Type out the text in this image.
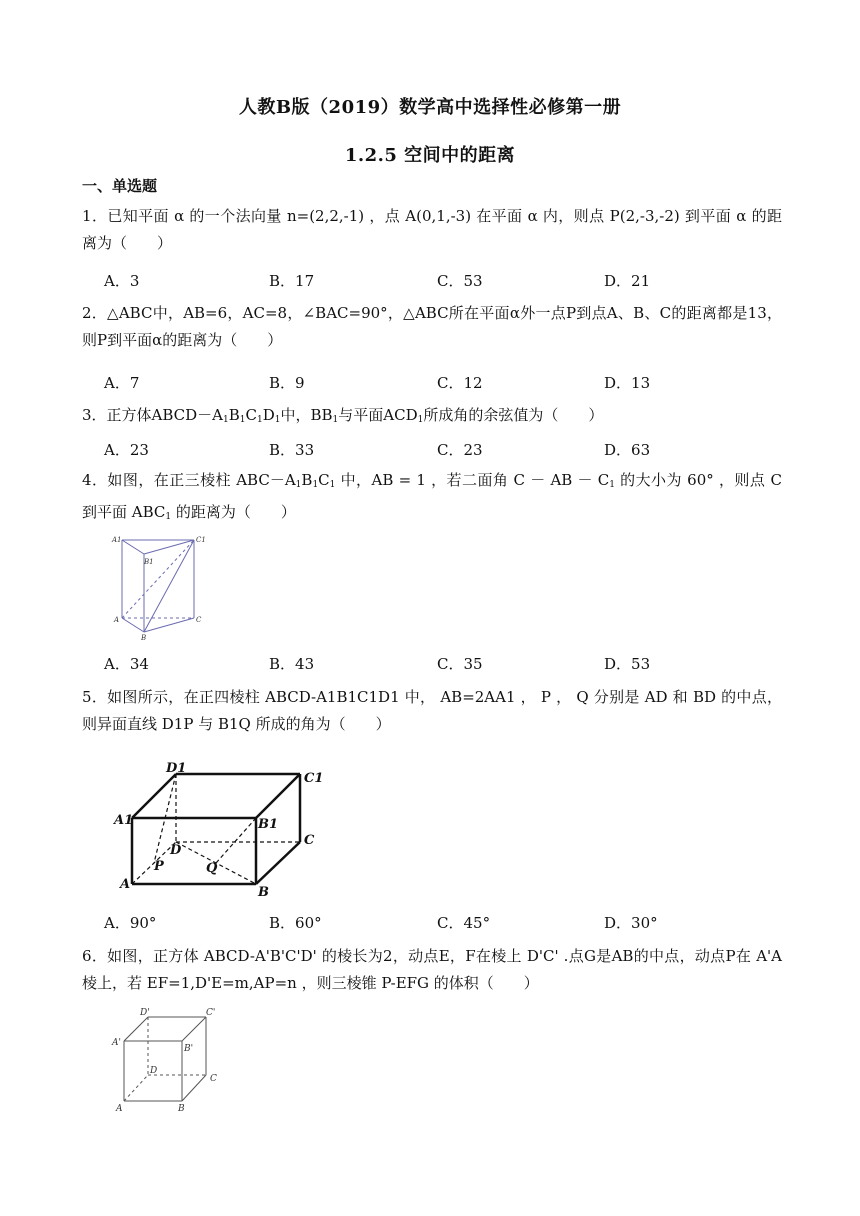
人教B版（2019）数学高中选择性必修第一册
1.2.5 空间中的距离
一、单选题
1．已知平面 α 的一个法向量 n=(2,2,-1) ，点 A(0,1,-3) 在平面 α 内，则点 P(2,-3,-2) 到平面 α 的距离为（　　）
A．3	B．17	C．53	D．21
2．△ABC中，AB=6，AC=8，∠BAC=90°，△ABC所在平面α外一点P到点A、B、C的距离都是13，则P到平面α的距离为（　　）
A．7	B．9	C．12	D．13
3．正方体$ABCD-A_1B_1C_1D_1$中，$BB_1$与平面$ACD_1$所成角的余弦值为（　　）
A．23	B．33	C．23	D．63
4．如图，在正三棱柱 $ABC-A_1B_1C_1$ 中，AB = 1 ，若二面角 C － AB － $C_1$ 的大小为 60° ，则点 C 到平面 $ABC_1$ 的距离为（　　）
A1
B1
C1
A
B
C
A．34	B．43	C．35	D．53
5．如图所示，在正四棱柱 ABCD-A1B1C1D1 中， AB=2AA1 ， P ， Q 分别是 AD 和 BD 的中点，则异面直线 D1P 与 B1Q 所成的角为（　　）
D1
C1
A1	B1
D
C
P	Q
A
B
A．90°	B．60°	C．45°	D．30°
6．如图，正方体 ABCD-A'B'C'D' 的棱长为2，动点E，F在棱上 D'C' .点G是AB的中点，动点P在 A'A 棱上，若 EF=1,D'E=m,AP=n ，则三棱锥 P-EFG 的体积（　　）
D'	C'
A'
B'
D
C
A	B
